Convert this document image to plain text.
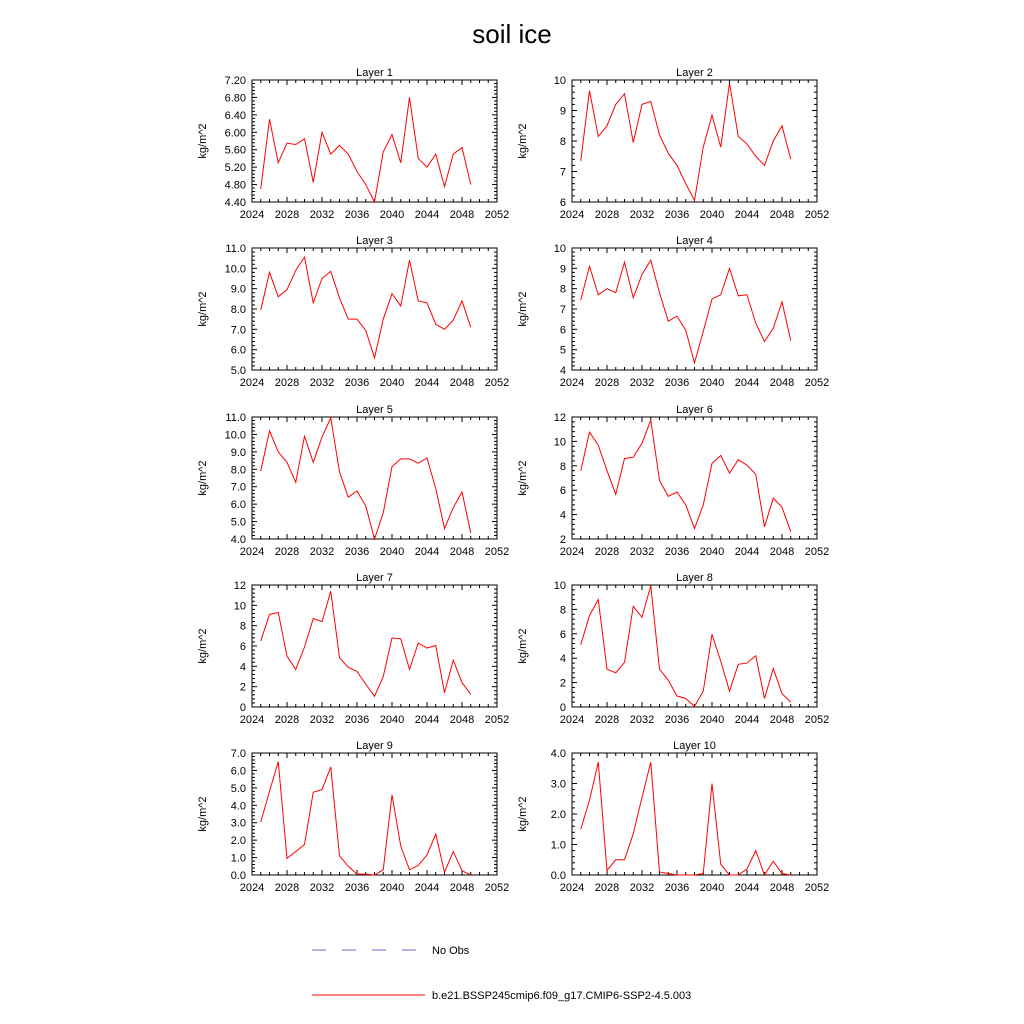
soil ice
Layer 1
kg/m^2
2024 2028 2032 2036 2040 2044 2048 2052
4.40
4.80
5.20
5.60
6.00
6.40
6.80
7.20
Layer 2
kg/m^2
2024 2028 2032 2036 2040 2044 2048 2052
6
7
8
9
10
Layer 3
kg/m^2
2024 2028 2032 2036 2040 2044 2048 2052
5.0
6.0
7.0
8.0
9.0
10.0
11.0
Layer 4
kg/m^2
2024 2028 2032 2036 2040 2044 2048 2052
4
5
6
7
8
9
10
Layer 5
kg/m^2
2024 2028 2032 2036 2040 2044 2048 2052
4.0
5.0
6.0
7.0
8.0
9.0
10.0
11.0
Layer 6
kg/m^2
2024 2028 2032 2036 2040 2044 2048 2052
2
4
6
8
10
12
Layer 7
kg/m^2
2024 2028 2032 2036 2040 2044 2048 2052
0
2
4
6
8
10
12
Layer 8
kg/m^2
2024 2028 2032 2036 2040 2044 2048 2052
0
2
4
6
8
10
Layer 9
kg/m^2
2024 2028 2032 2036 2040 2044 2048 2052
0.0
1.0
2.0
3.0
4.0
5.0
6.0
7.0
Layer 10
kg/m^2
2024 2028 2032 2036 2040 2044 2048 2052
0.0
1.0
2.0
3.0
4.0
No Obs
b.e21.BSSP245cmip6.f09_g17.CMIP6-SSP2-4.5.003
